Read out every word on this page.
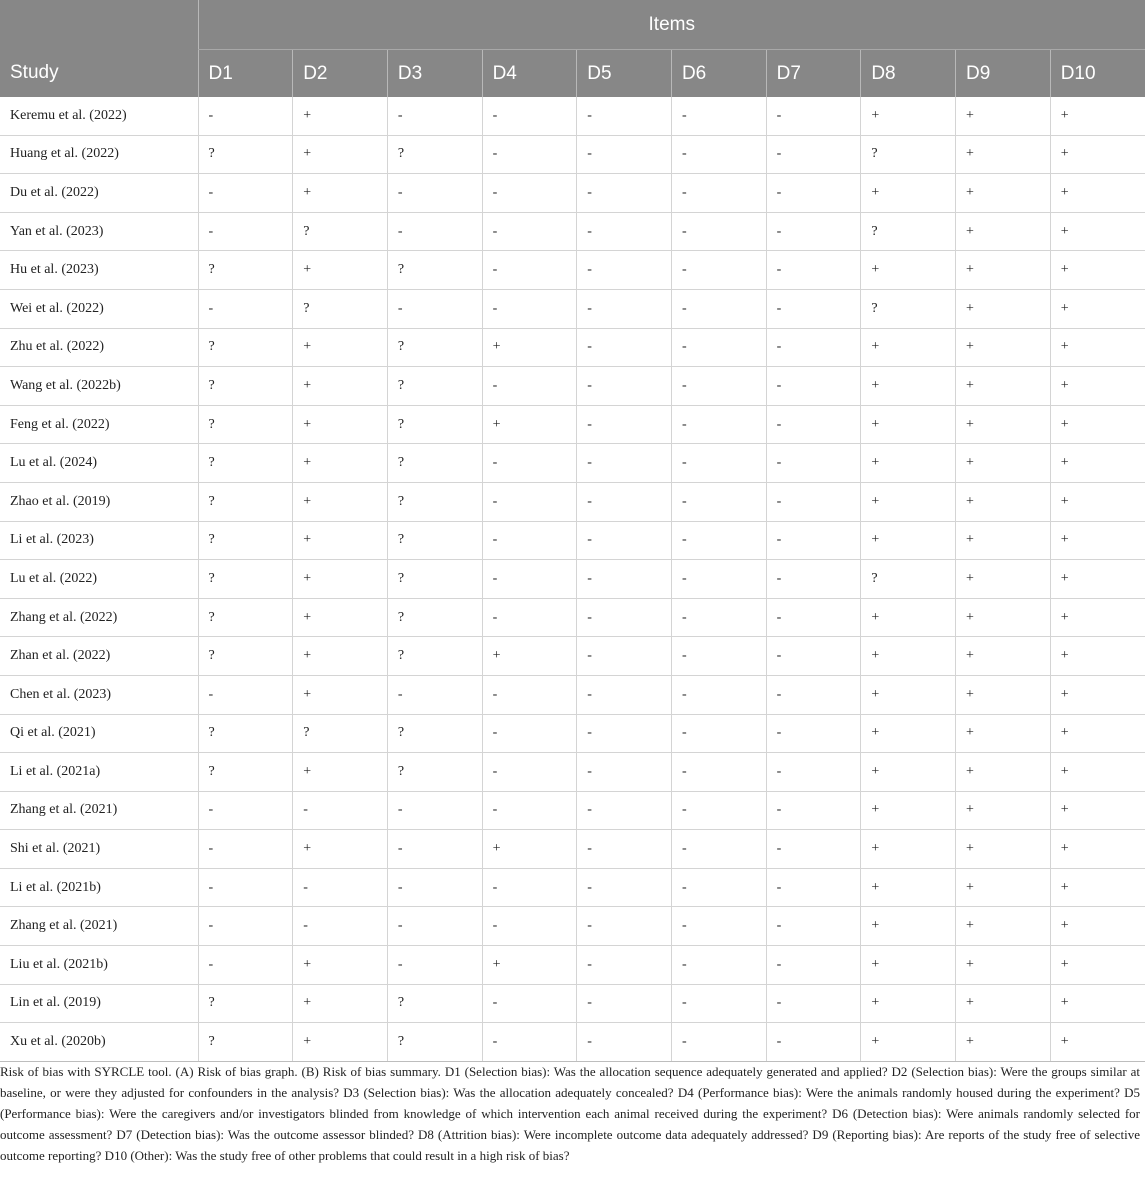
	Items									
Study	D1	D2	D3	D4	D5	D6	D7	D8	D9	D10
Keremu et al. (2022)	-	+	-	-	-	-	-	+	+	+
Huang et al. (2022)	?	+	?	-	-	-	-	?	+	+
Du et al. (2022)	-	+	-	-	-	-	-	+	+	+
Yan et al. (2023)	-	?	-	-	-	-	-	?	+	+
Hu et al. (2023)	?	+	?	-	-	-	-	+	+	+
Wei et al. (2022)	-	?	-	-	-	-	-	?	+	+
Zhu et al. (2022)	?	+	?	+	-	-	-	+	+	+
Wang et al. (2022b)	?	+	?	-	-	-	-	+	+	+
Feng et al. (2022)	?	+	?	+	-	-	-	+	+	+
Lu et al. (2024)	?	+	?	-	-	-	-	+	+	+
Zhao et al. (2019)	?	+	?	-	-	-	-	+	+	+
Li et al. (2023)	?	+	?	-	-	-	-	+	+	+
Lu et al. (2022)	?	+	?	-	-	-	-	?	+	+
Zhang et al. (2022)	?	+	?	-	-	-	-	+	+	+
Zhan et al. (2022)	?	+	?	+	-	-	-	+	+	+
Chen et al. (2023)	-	+	-	-	-	-	-	+	+	+
Qi et al. (2021)	?	?	?	-	-	-	-	+	+	+
Li et al. (2021a)	?	+	?	-	-	-	-	+	+	+
Zhang et al. (2021)	-	-	-	-	-	-	-	+	+	+
Shi et al. (2021)	-	+	-	+	-	-	-	+	+	+
Li et al. (2021b)	-	-	-	-	-	-	-	+	+	+
Zhang et al. (2021)	-	-	-	-	-	-	-	+	+	+
Liu et al. (2021b)	-	+	-	+	-	-	-	+	+	+
Lin et al. (2019)	?	+	?	-	-	-	-	+	+	+
Xu et al. (2020b)	?	+	?	-	-	-	-	+	+	+
Risk of bias with SYRCLE tool. (A) Risk of bias graph. (B) Risk of bias summary. D1 (Selection bias): Was the allocation sequence adequately generated and applied? D2 (Selection bias): Were the groups similar at baseline, or were they adjusted for confounders in the analysis? D3 (Selection bias): Was the allocation adequately concealed? D4 (Performance bias): Were the animals randomly housed during the experiment? D5 (Performance bias): Were the caregivers and/or investigators blinded from knowledge of which intervention each animal received during the experiment? D6 (Detection bias): Were animals randomly selected for outcome assessment? D7 (Detection bias): Was the outcome assessor blinded? D8 (Attrition bias): Were incomplete outcome data adequately addressed? D9 (Reporting bias): Are reports of the study free of selective outcome reporting? D10 (Other): Was the study free of other problems that could result in a high risk of bias?
